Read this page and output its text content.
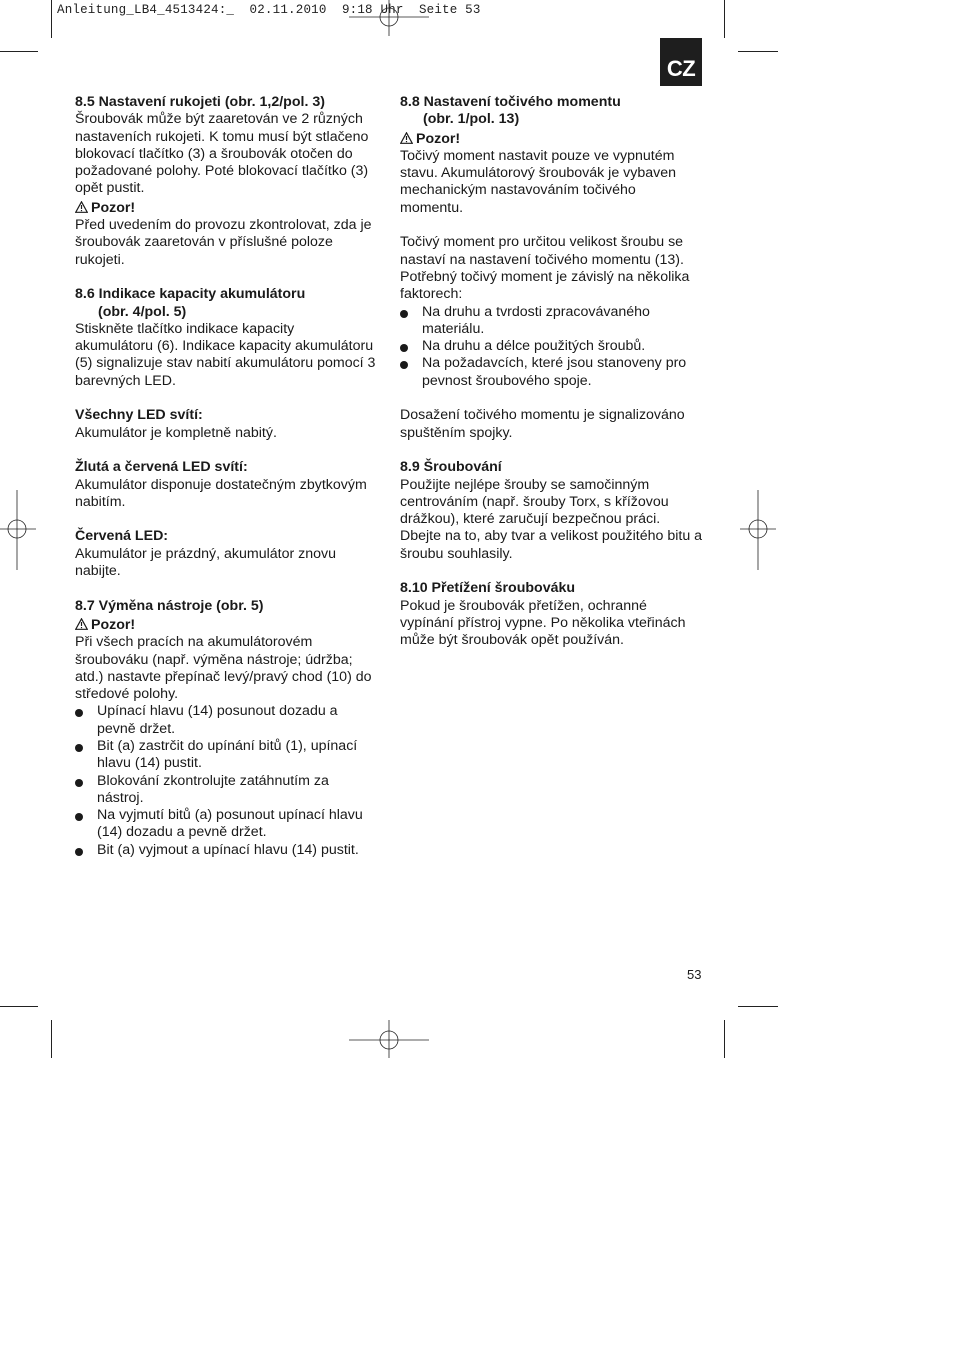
Anleitung_LB4_4513424:_  02.11.2010  9:18 Uhr  Seite 53
CZ

8.5 Nastavení rukojeti (obr. 1,2/pol. 3)

Šroubovák může být zaaretován ve 2 různých

nastaveních rukojeti. K tomu musí být stlačeno

blokovací tlačítko (3) a šroubovák otočen do

požadované polohy. Poté blokovací tlačítko (3)

opět pustit.

Pozor!

Před uvedením do provozu zkontrolovat, zda je

šroubovák zaaretován v příslušné poloze

rukojeti.

8.6 Indikace kapacity akumulátoru
(obr. 4/pol. 5)

Stiskněte tlačítko indikace kapacity

akumulátoru (6). Indikace kapacity akumulátoru

(5) signalizuje stav nabití akumulátoru pomocí 3

barevných LED.

Všechny LED svítí:

Akumulátor je kompletně nabitý.

Žlutá a červená LED svítí:

Akumulátor disponuje dostatečným zbytkovým

nabitím.

Červená LED:

Akumulátor je prázdný, akumulátor znovu

nabijte.

8.7 Výměna nástroje (obr. 5)

Pozor!

Při všech pracích na akumulátorovém

šroubováku (např. výměna nástroje; údržba;

atd.) nastavte přepínač levý/pravý chod (10) do

středové polohy.

Upínací hlavu (14) posunout dozadu a
pevně držet.
Bit (a) zastrčit do upínání bitů (1), upínací
hlavu (14) pustit.
Blokování zkontrolujte zatáhnutím za
nástroj.
Na vyjmutí bitů (a) posunout upínací hlavu
(14) dozadu a pevně držet.
Bit (a) vyjmout a upínací hlavu (14) pustit.

8.8 Nastavení točivého momentu
(obr. 1/pol. 13)

Pozor!

Točivý moment nastavit pouze ve vypnutém

stavu. Akumulátorový šroubovák je vybaven

mechanickým nastavováním točivého

momentu.

Točivý moment pro určitou velikost šroubu se

nastaví na nastavení točivého momentu (13).

Potřebný točivý moment je závislý na několika

faktorech:

Na druhu a tvrdosti zpracovávaného
materiálu.
Na druhu a délce použitých šroubů.
Na požadavcích, které jsou stanoveny pro
pevnost šroubového spoje.

Dosažení točivého momentu je signalizováno

spuštěním spojky.

8.9 Šroubování

Použijte nejlépe šrouby se samočinným

centrováním (např. šrouby Torx, s křížovou

drážkou), které zaručují bezpečnou práci.

Dbejte na to, aby tvar a velikost použitého bitu a

šroubu souhlasily.

8.10 Přetížení šroubováku

Pokud je šroubovák přetížen, ochranné

vypínání přístroj vypne. Po několika vteřinách

může být šroubovák opět používán.

53
